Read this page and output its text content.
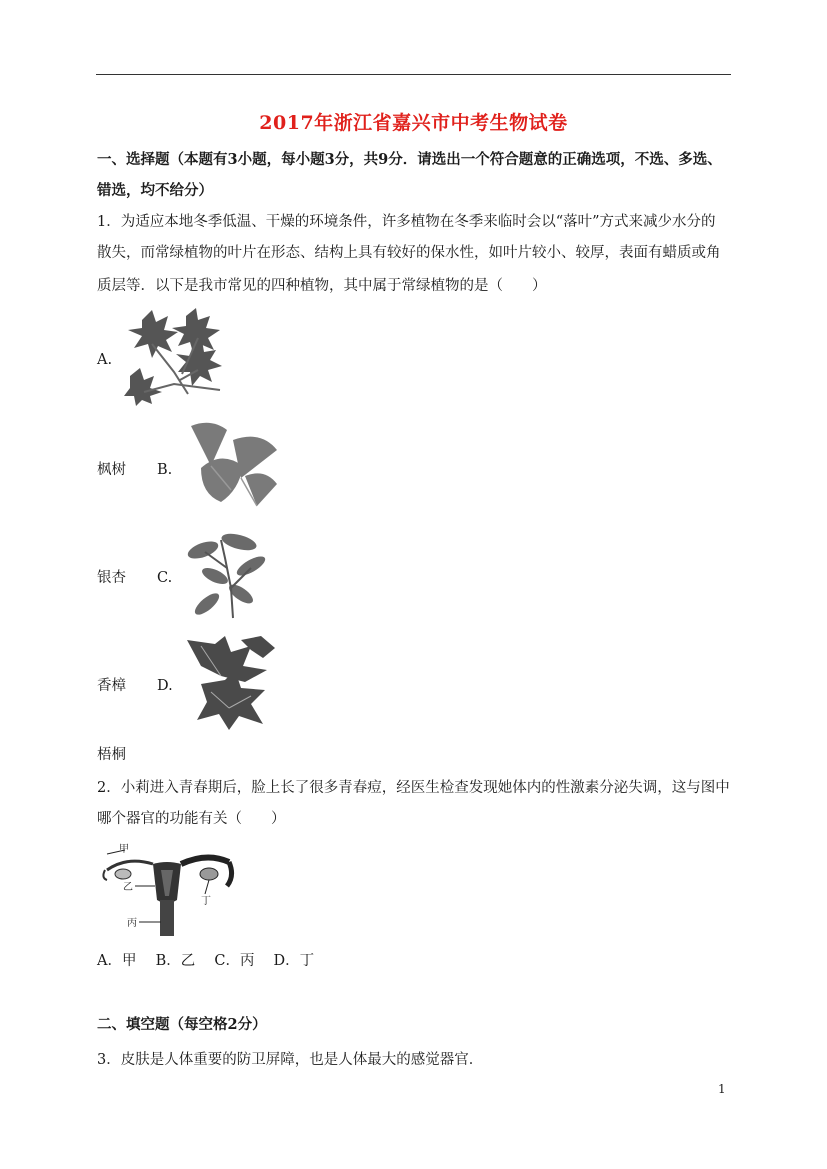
2017年浙江省嘉兴市中考生物试卷
一、选择题（本题有3小题，每小题3分，共9分．请选出一个符合题意的正确选项，不选、多选、
错选，均不给分）
1．为适应本地冬季低温、干燥的环境条件，许多植物在冬季来临时会以“落叶”方式来减少水分的
散失，而常绿植物的叶片在形态、结构上具有较好的保水性，如叶片较小、较厚，表面有蜡质或角
质层等．以下是我市常见的四种植物，其中属于常绿植物的是（　　）
A.
枫树 B.
银杏 C.
香樟 D.
梧桐
2．小莉进入青春期后，脸上长了很多青春痘，经医生检查发现她体内的性激素分泌失调，这与图中
哪个器官的功能有关（　　）
甲
乙
丙
丁
A．甲　 B．乙　 C．丙　 D．丁
二、填空题（每空格2分）
3．皮肤是人体重要的防卫屏障，也是人体最大的感觉器官．
1
